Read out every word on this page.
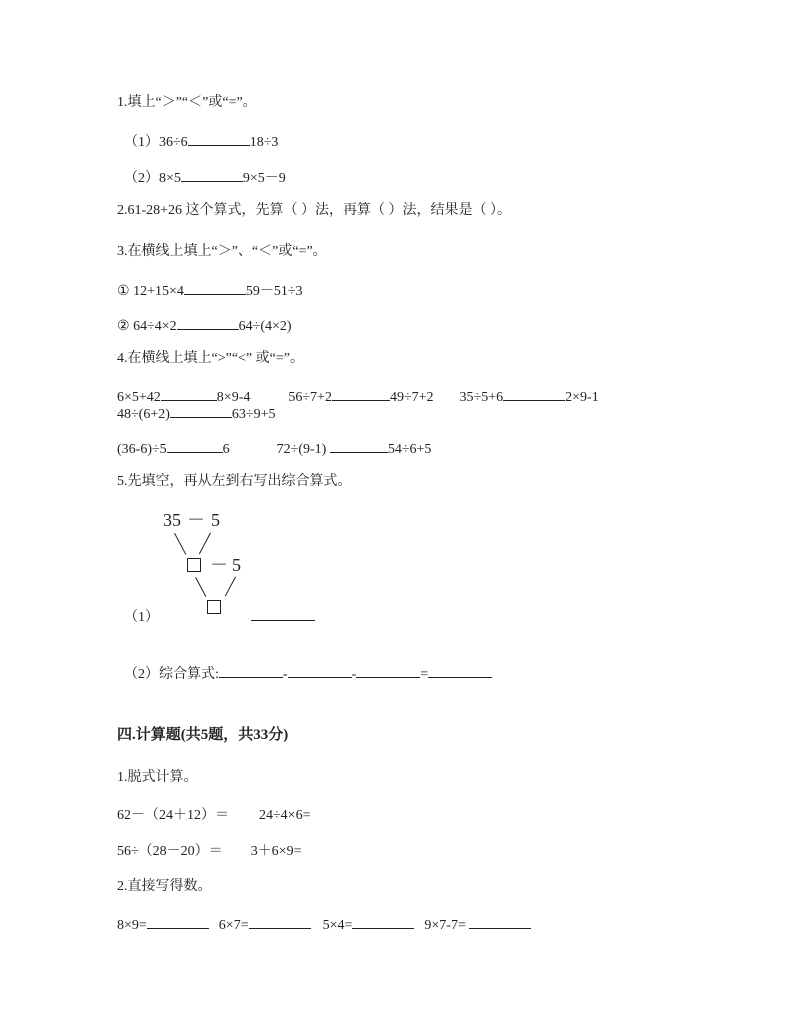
1.填上“＞”“＜”或“=”。
（1）36÷6	18÷3
（2）8×5	9×5－9
2.61-28+26 这个算式，先算（ ）法，再算（ ）法，结果是（ ）。
3.在横线上填上“＞”、“＜”或“=”。
① 12+15×4	59－51÷3
② 64÷4×2	64÷(4×2)
4.在横线上填上“>”“<” 或“=”。
6×5+42	8×9-4	56÷7+2	49÷7+2 35÷5+6	2×9-1
48÷(6+2)	63÷9+5
(36-6)÷5	6	72÷(9-1)	54÷6+5
5.先填空，再从左到右写出综合算式。
35 － 5
－ 5
（1）
（2）综合算式:	-	-	=
四.计算题(共5题，共33分)
1.脱式计算。
62－（24＋12）＝ 24÷4×6=
56÷（28－20）＝ 3＋6×9=
2.直接写得数。
8×9=	6×7=	5×4=	9×7-7=
